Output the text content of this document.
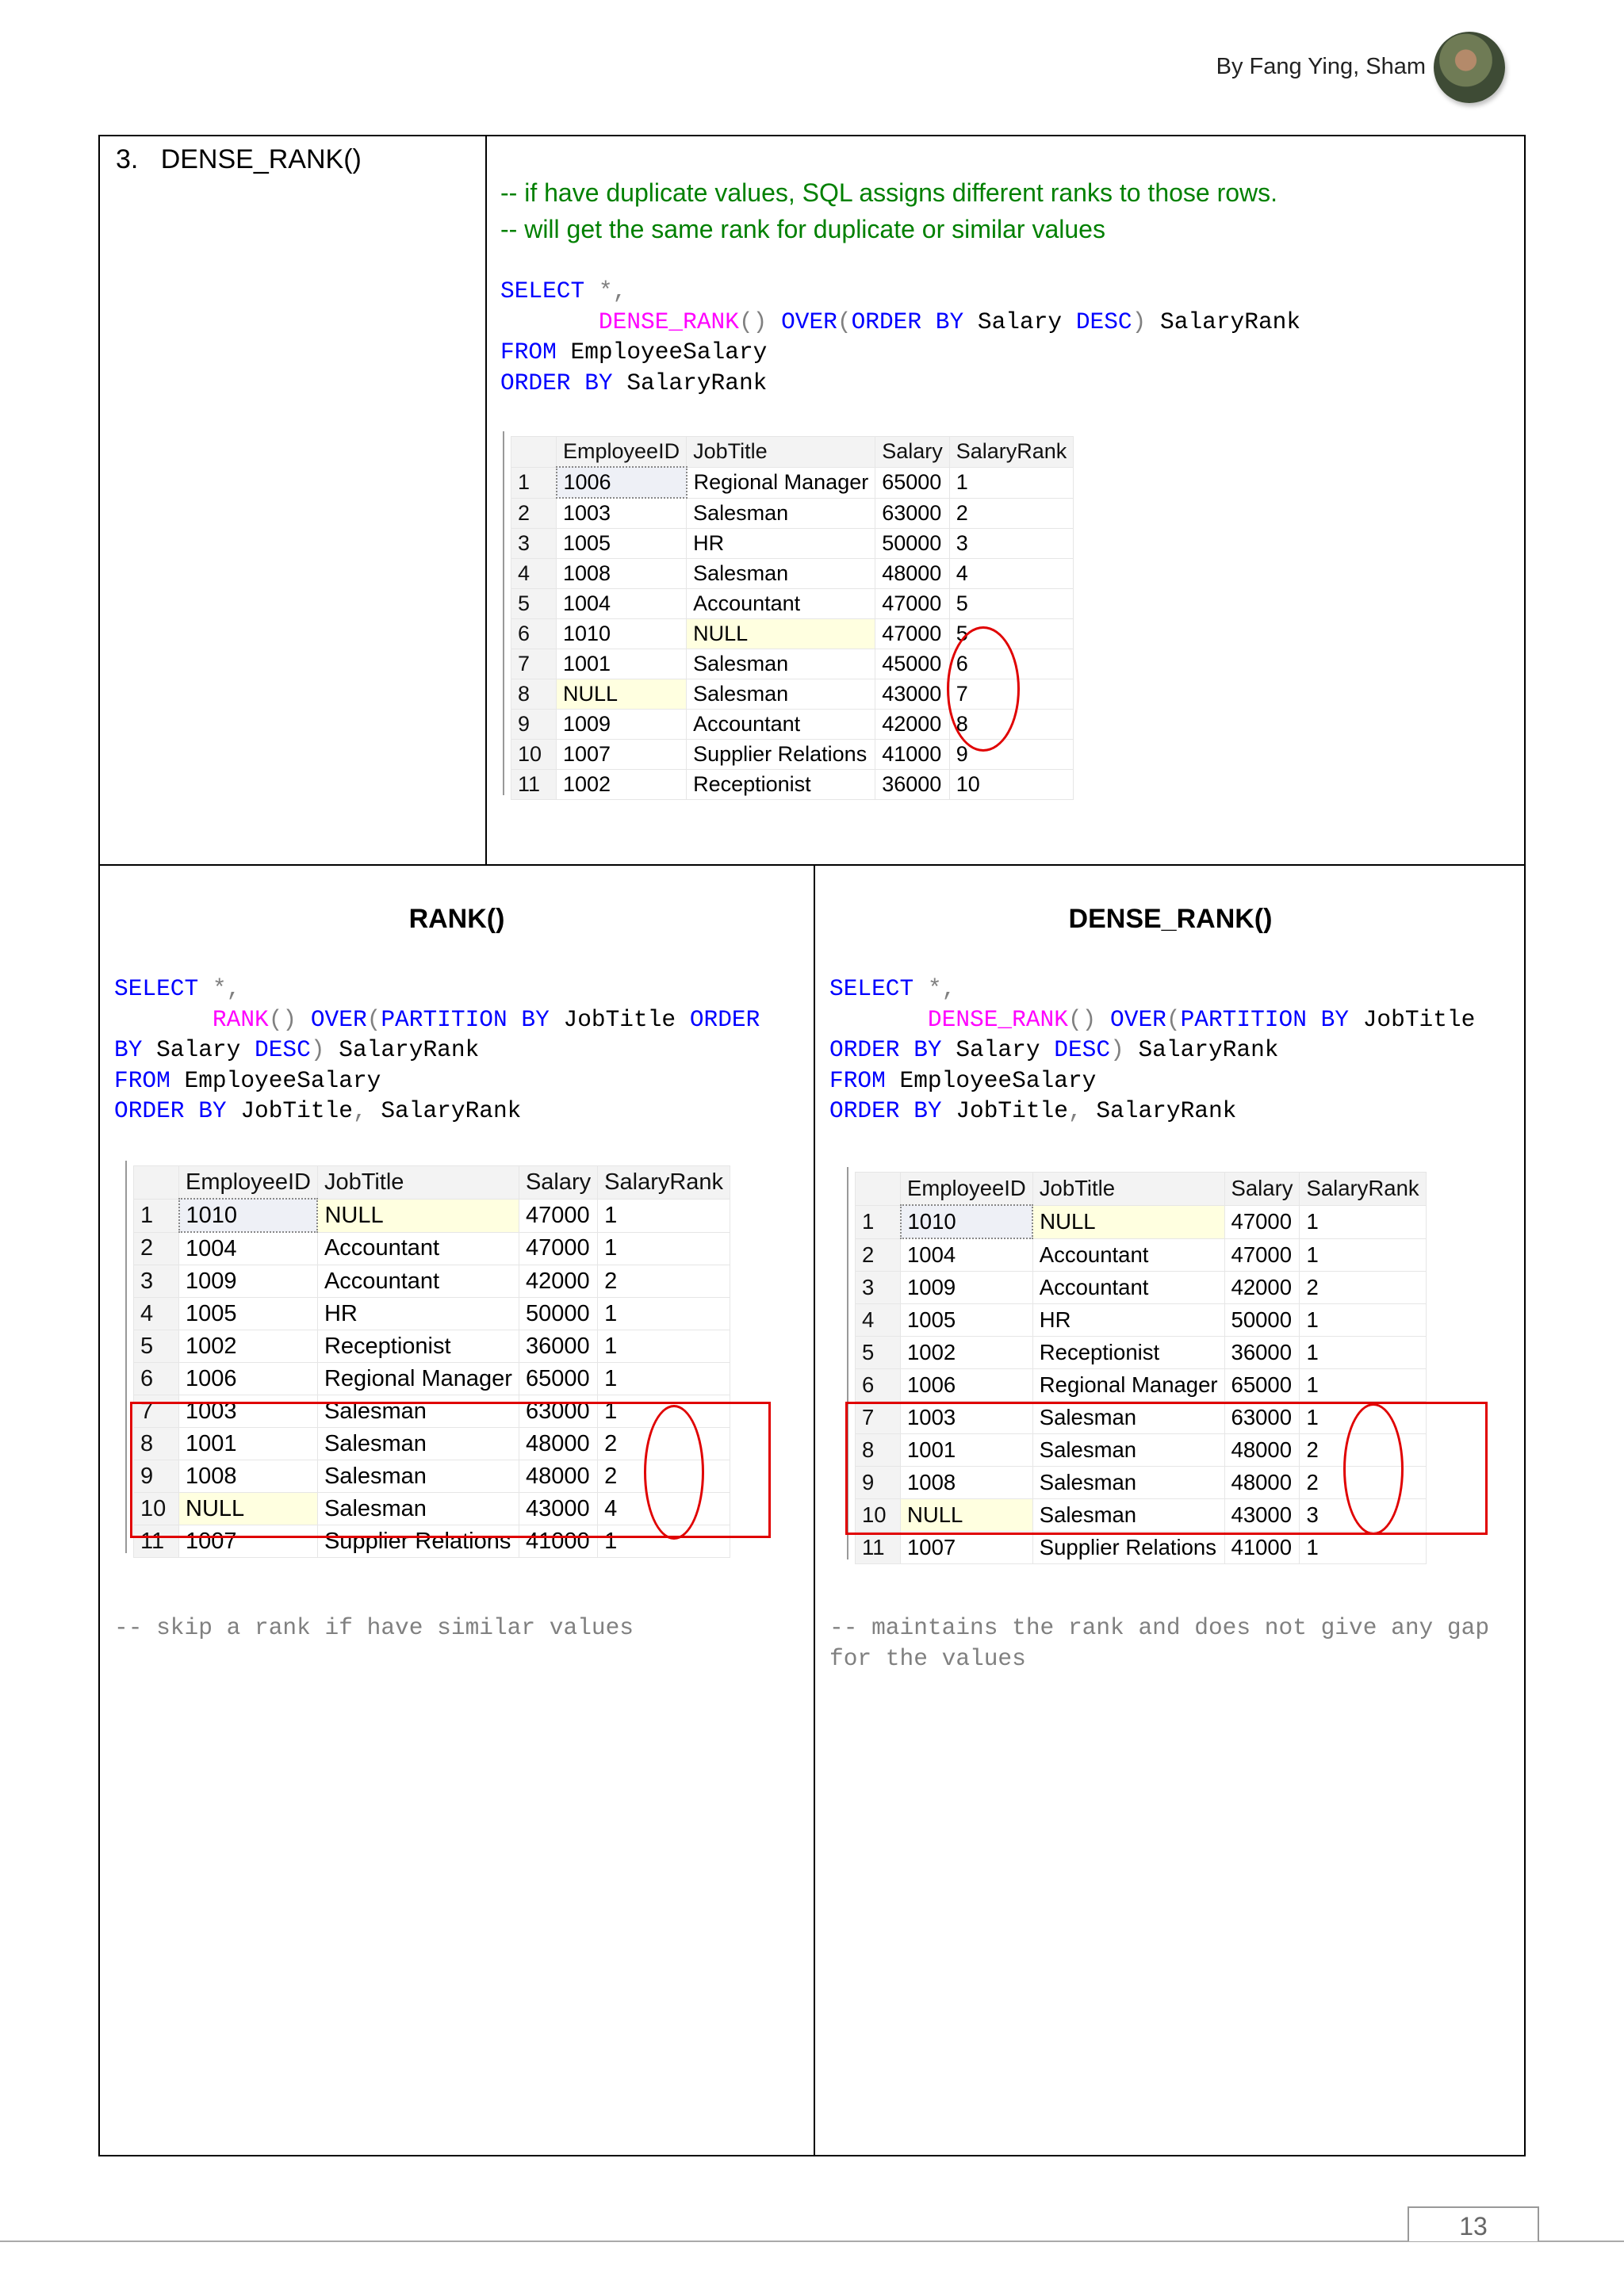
By Fang Ying, Sham
3. DENSE_RANK()
-- if have duplicate values, SQL assigns different ranks to those rows.
-- will get the same rank for duplicate or similar values
SELECT *,
DENSE_RANK() OVER(ORDER BY Salary DESC) SalaryRank
FROM EmployeeSalary
ORDER BY SalaryRank
	EmployeeID	JobTitle	Salary	SalaryRank
1	1006	Regional Manager	65000	1
2	1003	Salesman	63000	2
3	1005	HR	50000	3
4	1008	Salesman	48000	4
5	1004	Accountant	47000	5
6	1010	NULL	47000	5
7	1001	Salesman	45000	6
8	NULL	Salesman	43000	7
9	1009	Accountant	42000	8
10	1007	Supplier Relations	41000	9
11	1002	Receptionist	36000	10
RANK()
SELECT *,
RANK() OVER(PARTITION BY JobTitle ORDER
BY Salary DESC) SalaryRank
FROM EmployeeSalary
ORDER BY JobTitle, SalaryRank
	EmployeeID	JobTitle	Salary	SalaryRank
1	1010	NULL	47000	1
2	1004	Accountant	47000	1
3	1009	Accountant	42000	2
4	1005	HR	50000	1
5	1002	Receptionist	36000	1
6	1006	Regional Manager	65000	1
7	1003	Salesman	63000	1
8	1001	Salesman	48000	2
9	1008	Salesman	48000	2
10	NULL	Salesman	43000	4
11	1007	Supplier Relations	41000	1
-- skip a rank if have similar values
DENSE_RANK()
SELECT *,
DENSE_RANK() OVER(PARTITION BY JobTitle
ORDER BY Salary DESC) SalaryRank
FROM EmployeeSalary
ORDER BY JobTitle, SalaryRank
	EmployeeID	JobTitle	Salary	SalaryRank
1	1010	NULL	47000	1
2	1004	Accountant	47000	1
3	1009	Accountant	42000	2
4	1005	HR	50000	1
5	1002	Receptionist	36000	1
6	1006	Regional Manager	65000	1
7	1003	Salesman	63000	1
8	1001	Salesman	48000	2
9	1008	Salesman	48000	2
10	NULL	Salesman	43000	3
11	1007	Supplier Relations	41000	1
-- maintains the rank and does not give any gap for the values
13
